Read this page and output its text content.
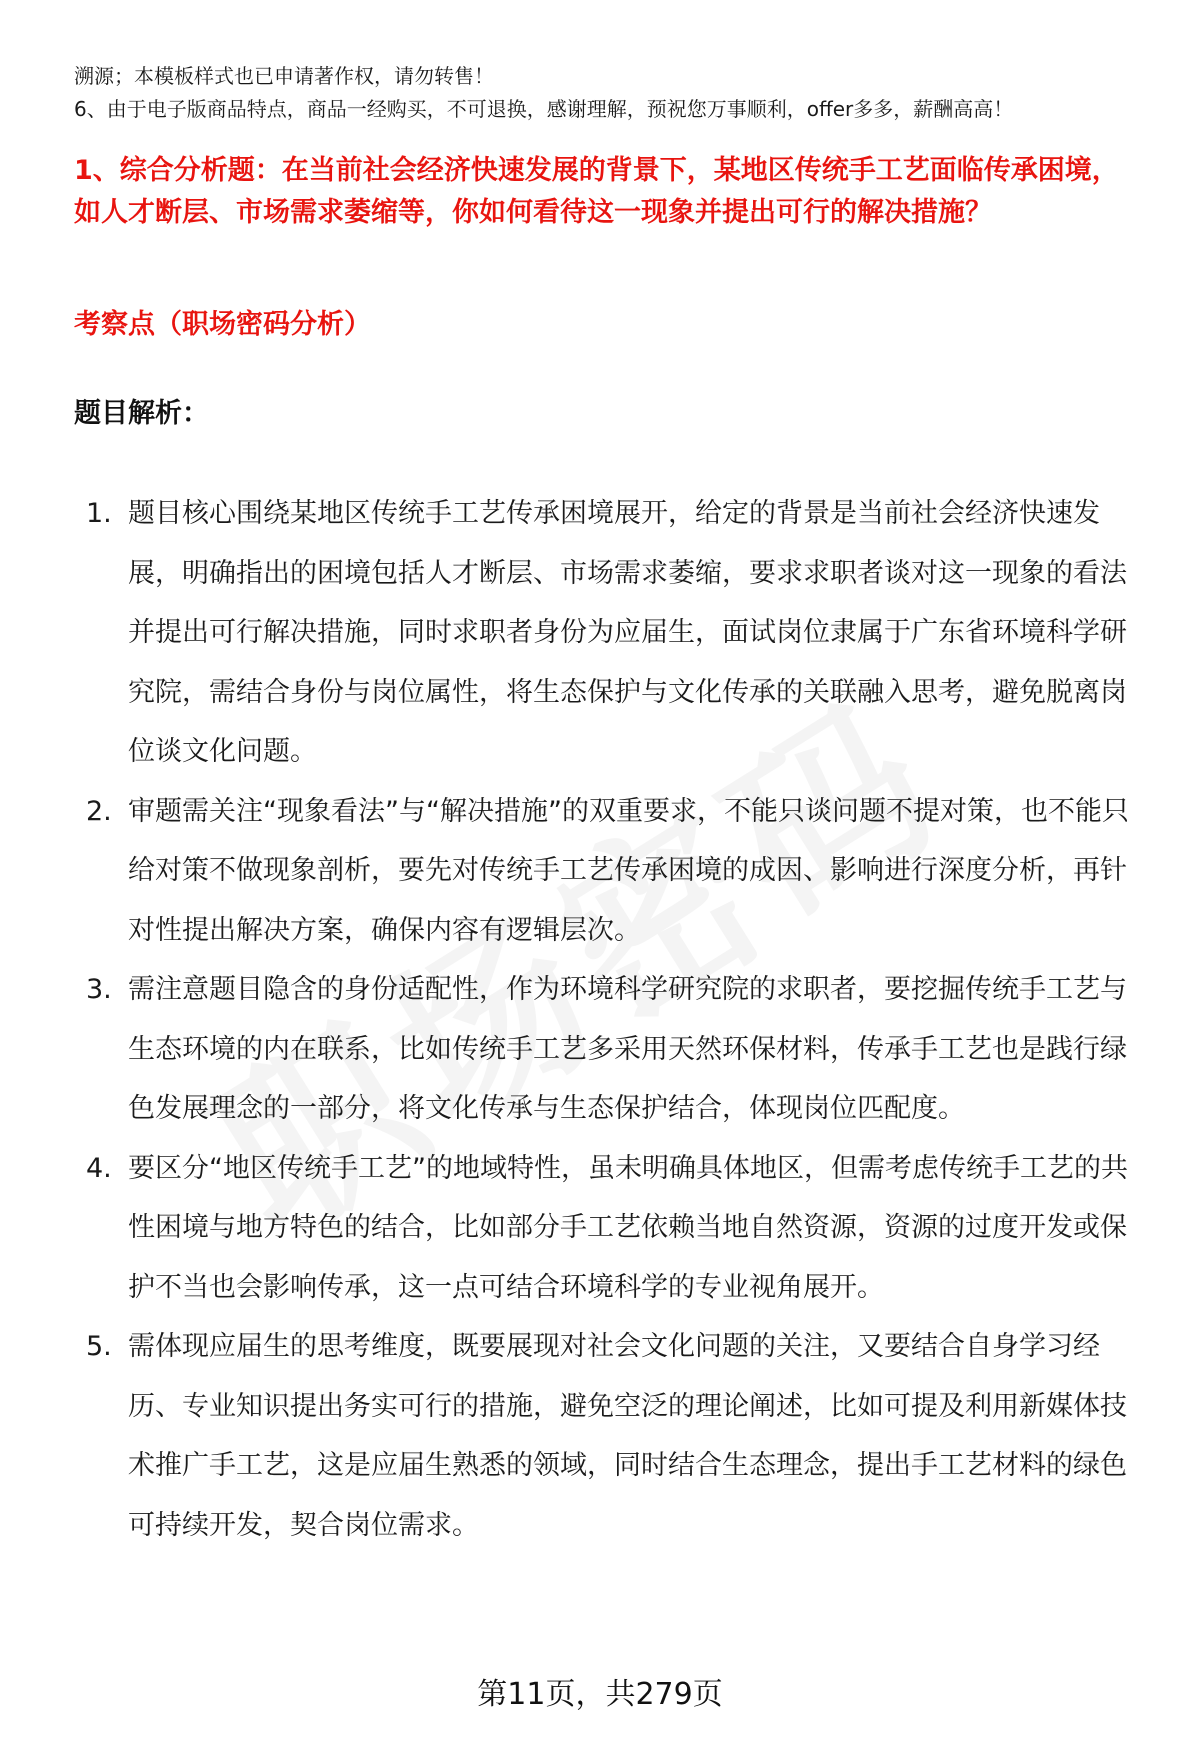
溯源；本模板样式也已申请著作权，请勿转售！

6、由于电子版商品特点，商品一经购买，不可退换，感谢理解，预祝您万事顺利，offer多多，薪酬高高！

1、综合分析题：在当前社会经济快速发展的背景下，某地区传统手工艺面临传承困境，如人才断层、市场需求萎缩等，你如何看待这一现象并提出可行的解决措施？

考察点（职场密码分析）

题目解析：

1. 题目核心围绕某地区传统手工艺传承困境展开，给定的背景是当前社会经济快速发展，明确指出的困境包括人才断层、市场需求萎缩，要求求职者谈对这一现象的看法并提出可行解决措施，同时求职者身份为应届生，面试岗位隶属于广东省环境科学研究院，需结合身份与岗位属性，将生态保护与文化传承的关联融入思考，避免脱离岗位谈文化问题。
2. 审题需关注“现象看法”与“解决措施”的双重要求，不能只谈问题不提对策，也不能只给对策不做现象剖析，要先对传统手工艺传承困境的成因、影响进行深度分析，再针对性提出解决方案，确保内容有逻辑层次。
3. 需注意题目隐含的身份适配性，作为环境科学研究院的求职者，要挖掘传统手工艺与生态环境的内在联系，比如传统手工艺多采用天然环保材料，传承手工艺也是践行绿色发展理念的一部分，将文化传承与生态保护结合，体现岗位匹配度。
4. 要区分“地区传统手工艺”的地域特性，虽未明确具体地区，但需考虑传统手工艺的共性困境与地方特色的结合，比如部分手工艺依赖当地自然资源，资源的过度开发或保护不当也会影响传承，这一点可结合环境科学的专业视角展开。
5. 需体现应届生的思考维度，既要展现对社会文化问题的关注，又要结合自身学习经历、专业知识提出务实可行的措施，避免空泛的理论阐述，比如可提及利用新媒体技术推广手工艺，这是应届生熟悉的领域，同时结合生态理念，提出手工艺材料的绿色可持续开发，契合岗位需求。
第11页，共279页
